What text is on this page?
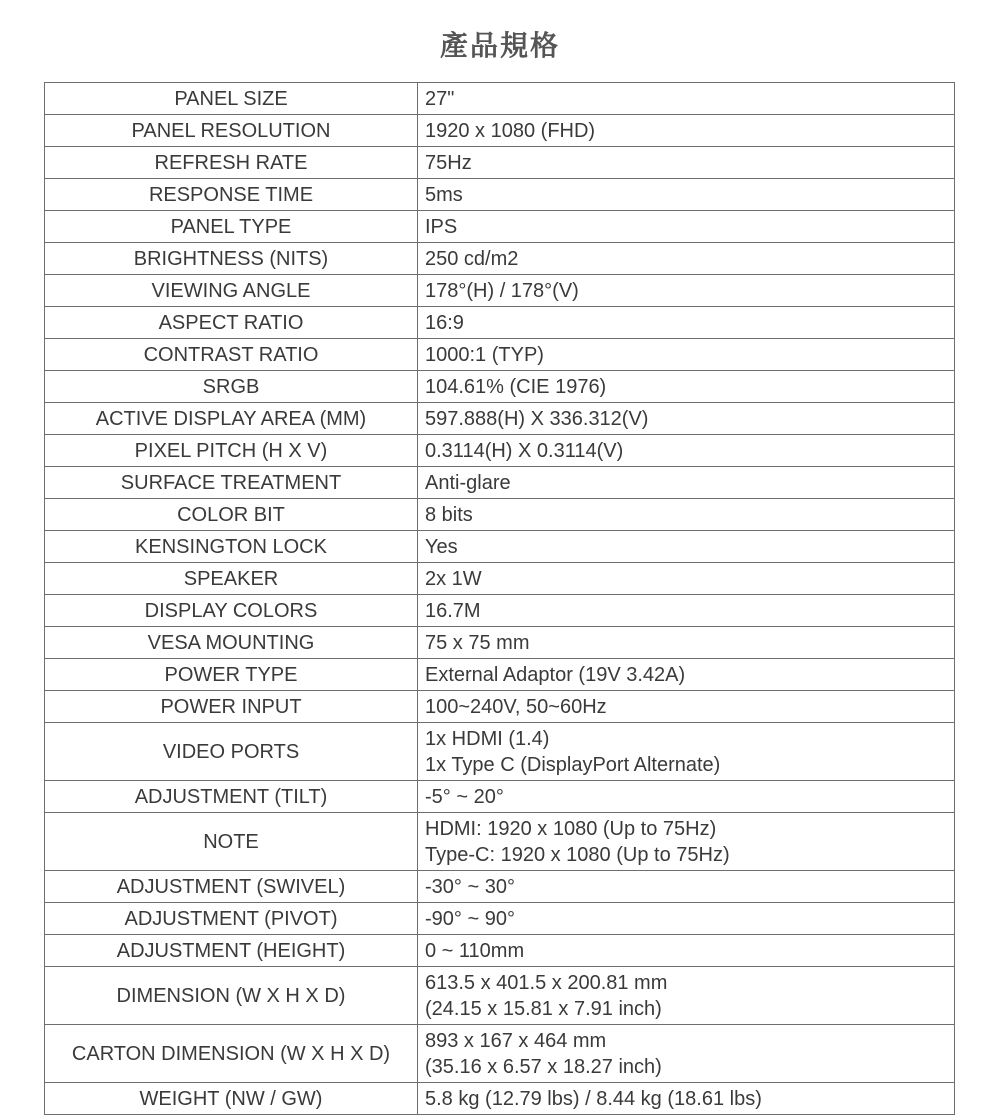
產品規格
PANEL SIZE	27"

PANEL RESOLUTION	1920 x 1080 (FHD)

REFRESH RATE	75Hz

RESPONSE TIME	5ms

PANEL TYPE	IPS

BRIGHTNESS (NITS)	250 cd/m2

VIEWING ANGLE	178°(H) / 178°(V)

ASPECT RATIO	16:9

CONTRAST RATIO	1000:1 (TYP)

SRGB	104.61% (CIE 1976)

ACTIVE DISPLAY AREA (MM)	597.888(H) X 336.312(V)

PIXEL PITCH (H X V)	0.3114(H) X 0.3114(V)

SURFACE TREATMENT	Anti-glare

COLOR BIT	8 bits

KENSINGTON LOCK	Yes

SPEAKER	2x 1W

DISPLAY COLORS	16.7M

VESA MOUNTING	75 x 75 mm

POWER TYPE	External Adaptor (19V 3.42A)

POWER INPUT	100~240V, 50~60Hz

VIDEO PORTS	1x HDMI (1.4)
1x Type C (DisplayPort Alternate)

ADJUSTMENT (TILT)	-5° ~ 20°

NOTE	HDMI: 1920 x 1080 (Up to 75Hz)
Type-C: 1920 x 1080 (Up to 75Hz)

ADJUSTMENT (SWIVEL)	-30° ~ 30°

ADJUSTMENT (PIVOT)	-90° ~ 90°

ADJUSTMENT (HEIGHT)	0 ~ 110mm

DIMENSION (W X H X D)	613.5 x 401.5 x 200.81 mm
(24.15 x 15.81 x 7.91 inch)

CARTON DIMENSION (W X H X D)	893 x 167 x 464 mm
(35.16 x 6.57 x 18.27 inch)

WEIGHT (NW / GW)	5.8 kg (12.79 lbs) / 8.44 kg (18.61 lbs)
